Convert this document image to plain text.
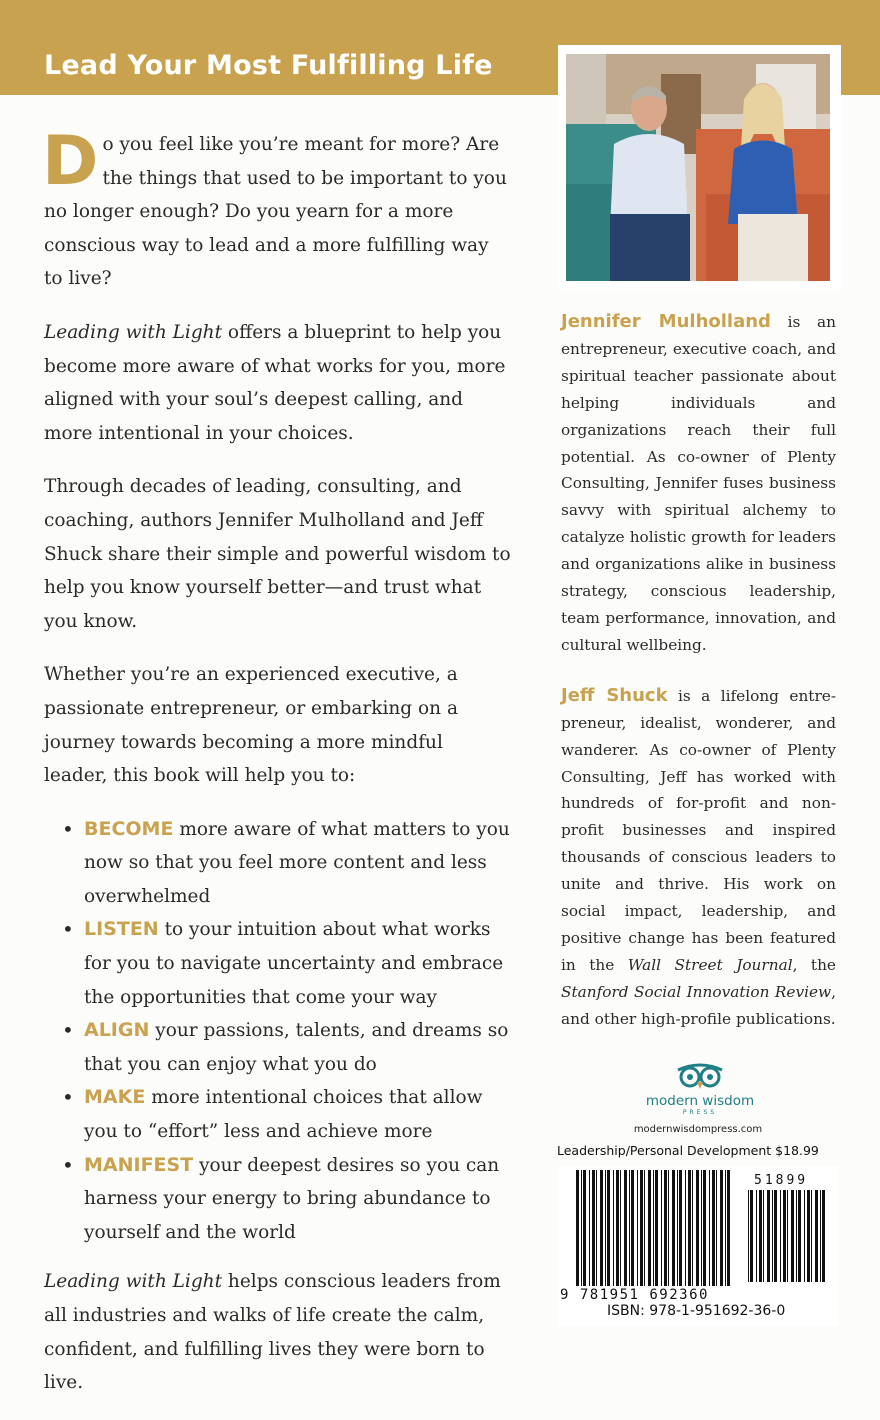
Lead Your Most Fulfilling Life

Do you feel like you’re meant for more? Are the things that used to be important to you no longer enough? Do you yearn for a more conscious way to lead and a more fulfilling way to live?

Leading with Light offers a blueprint to help you become more aware of what works for you, more aligned with your soul’s deepest calling, and more intentional in your choices.

Through decades of leading, consulting, and coaching, authors Jennifer Mulholland and Jeff Shuck share their simple and powerful wisdom to help you know yourself better—and trust what you know.

Whether you’re an experienced executive, a passionate entrepreneur, or embarking on a journey towards becoming a more mindful leader, this book will help you to:

• BECOME more aware of what matters to you now so that you feel more content and less overwhelmed
• LISTEN to your intuition about what works for you to navigate uncertainty and embrace the opportunities that come your way
• ALIGN your passions, talents, and dreams so that you can enjoy what you do
• MAKE more intentional choices that allow you to “effort” less and achieve more
• MANIFEST your deepest desires so you can harness your energy to bring abundance to yourself and the world

Leading with Light helps conscious leaders from all industries and walks of life create the calm, confident, and fulfilling lives they were born to live.

Jennifer Mulholland is an entrepreneur, executive coach, and spiritual teacher passionate about helping individuals and organizations reach their full potential. As co-owner of Plenty Consulting, Jennifer fuses business savvy with spiritual alchemy to catalyze holistic growth for leaders and organizations alike in business strategy, conscious leadership, team performance, innovation, and cultural wellbeing.

Jeff Shuck is a lifelong entrepreneur, idealist, wonderer, and wanderer. As co-owner of Plenty Consulting, Jeff has worked with hundreds of for-profit and nonprofit businesses and inspired thousands of conscious leaders to unite and thrive. His work on social impact, leadership, and positive change has been featured in the Wall Street Journal, the Stanford Social Innovation Review, and other high-profile publications.

modern wisdom
PRESS
modernwisdompress.com
Leadership/Personal Development $18.99
9 781951 692360
51899
ISBN: 978-1-951692-36-0
